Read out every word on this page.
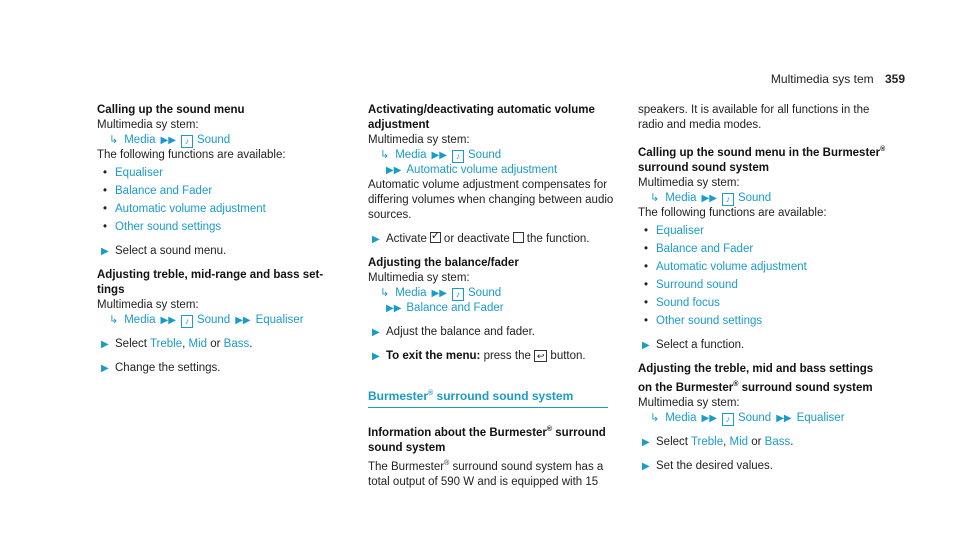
Multimedia sys tem 359
Calling up the sound menu
Multimedia sy stem:
↳ Media ▶▶ ♪ Sound
The following functions are available:
• Equaliser
• Balance and Fader
• Automatic volume adjustment
• Other sound settings
▶ Select a sound menu.
Adjusting treble, mid-range and bass set-tings
Multimedia sy stem:
↳ Media ▶▶ ♪ Sound ▶▶ Equaliser
▶ Select Treble, Mid or Bass.
▶ Change the settings.
Activating/deactivating automatic volume adjustment
Multimedia sy stem:
↳ Media ▶▶ ♪ Sound
▶▶ Automatic volume adjustment
Automatic volume adjustment compensates for differing volumes when changing between audio sources.
▶ Activate✓ or deactivate the function.
Adjusting the balance/fader
Multimedia sy stem:
↳ Media ▶▶ ♪ Sound
▶▶ Balance and Fader
▶ Adjust the balance and fader.
▶ To exit the menu: press the ↩ button.
Burmester® surround sound system
Information about the Burmester® surround sound system
The Burmester® surround sound system has a total output of 590 W and is equipped with 15
speakers. It is available for all functions in the radio and media modes.
Calling up the sound menu in the Burmester® surround sound system
Multimedia sy stem:
↳ Media ▶▶ ♪ Sound
The following functions are available:
• Equaliser
• Balance and Fader
• Automatic volume adjustment
• Surround sound
• Sound focus
• Other sound settings
▶ Select a function.
Adjusting the treble, mid and bass settings on the Burmester® surround sound system
Multimedia sy stem:
↳ Media ▶▶ ♪ Sound ▶▶ Equaliser
▶ Select Treble, Mid or Bass.
▶ Set the desired values.
